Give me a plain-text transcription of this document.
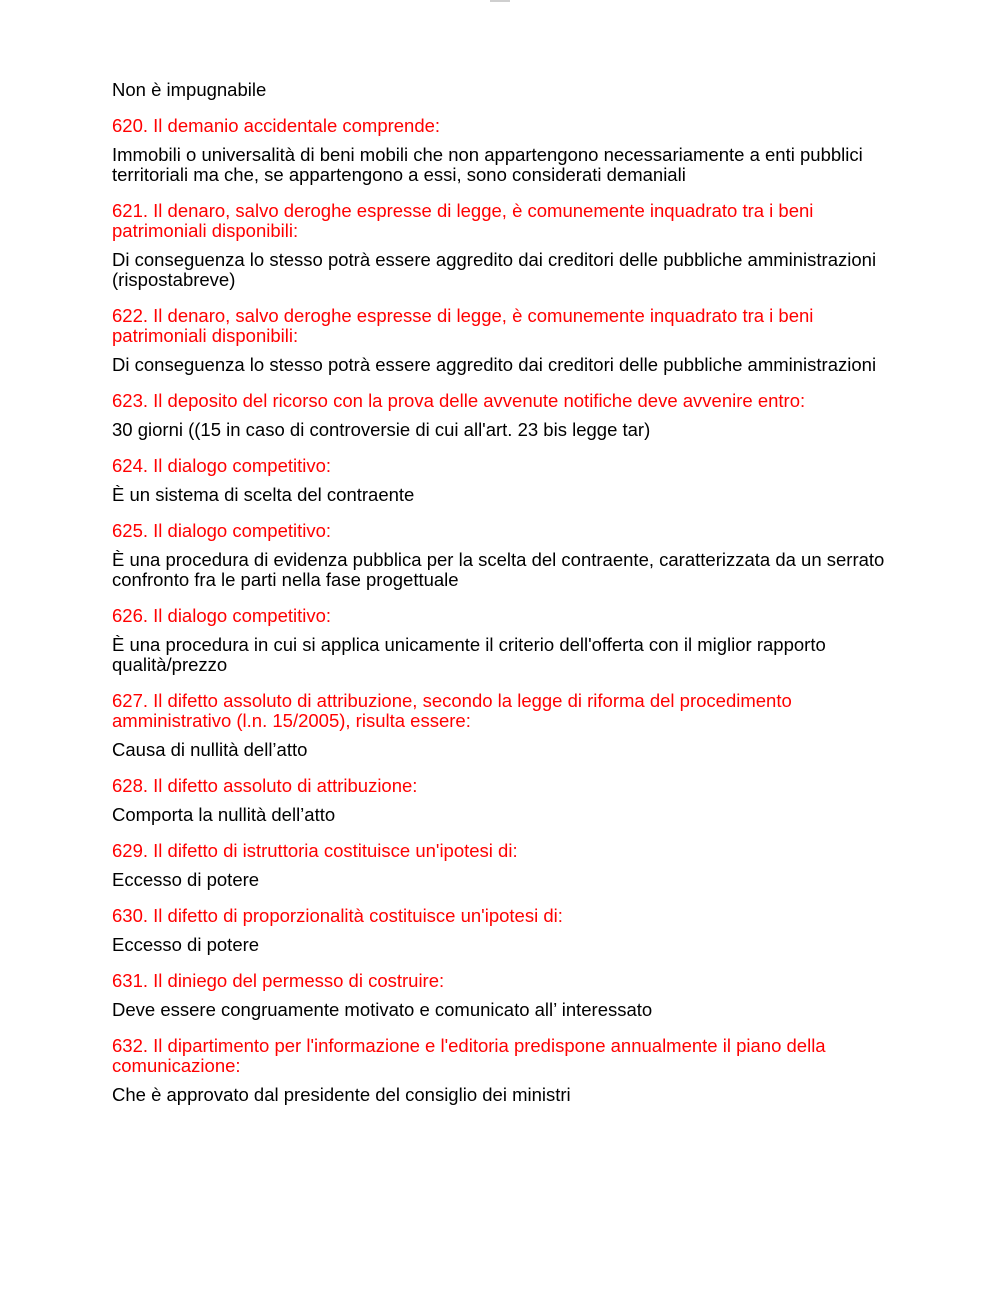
Non è impugnabile

620. Il demanio accidentale comprende:

Immobili o universalità di beni mobili che non appartengono necessariamente a enti pubblici territoriali ma che, se appartengono a essi, sono considerati demaniali

621. Il denaro, salvo deroghe espresse di legge, è comunemente inquadrato tra i beni patrimoniali disponibili:

Di conseguenza lo stesso potrà essere aggredito dai creditori delle pubbliche amministrazioni (rispostabreve)

622. Il denaro, salvo deroghe espresse di legge, è comunemente inquadrato tra i beni patrimoniali disponibili:

Di conseguenza lo stesso potrà essere aggredito dai creditori delle pubbliche amministrazioni

623. Il deposito del ricorso con la prova delle avvenute notifiche deve avvenire entro:

30 giorni ((15 in caso di controversie di cui all'art. 23 bis legge tar)

624. Il dialogo competitivo:

È un sistema di scelta del contraente

625. Il dialogo competitivo:

È una procedura di evidenza pubblica per la scelta del contraente, caratterizzata da un serrato confronto fra le parti nella fase progettuale

626. Il dialogo competitivo:

È una procedura in cui si applica unicamente il criterio dell'offerta con il miglior rapporto qualità/prezzo

627. Il difetto assoluto di attribuzione, secondo la legge di riforma del procedimento amministrativo (l.n. 15/2005), risulta essere:

Causa di nullità dell’atto

628. Il difetto assoluto di attribuzione:

Comporta la nullità dell’atto

629. Il difetto di istruttoria costituisce un'ipotesi di:

Eccesso di potere

630. Il difetto di proporzionalità costituisce un'ipotesi di:

Eccesso di potere

631. Il diniego del permesso di costruire:

Deve essere congruamente motivato e comunicato all’ interessato

632. Il dipartimento per l'informazione e l'editoria predispone annualmente il piano della comunicazione:

Che è approvato dal presidente del consiglio dei ministri
